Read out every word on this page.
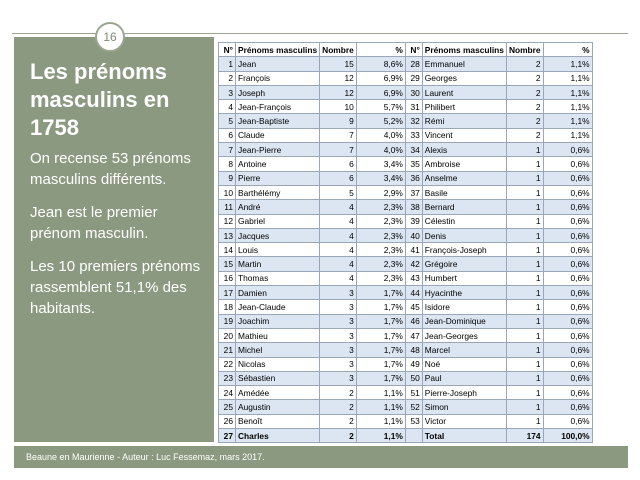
16
Les prénoms masculins en 1758

On recense 53 prénoms masculins différents.

Jean est le premier prénom masculin.

Les 10 premiers prénoms rassemblent 51,1% des habitants.

N°	Prénoms masculins	Nombre	%	N°	Prénoms masculins	Nombre	%
1	Jean	15	8,6%	28	Emmanuel	2	1,1%
2	François	12	6,9%	29	Georges	2	1,1%
3	Joseph	12	6,9%	30	Laurent	2	1,1%
4	Jean-François	10	5,7%	31	Philibert	2	1,1%
5	Jean-Baptiste	9	5,2%	32	Rémi	2	1,1%
6	Claude	7	4,0%	33	Vincent	2	1,1%
7	Jean-Pierre	7	4,0%	34	Alexis	1	0,6%
8	Antoine	6	3,4%	35	Ambroise	1	0,6%
9	Pierre	6	3,4%	36	Anselme	1	0,6%
10	Barthélémy	5	2,9%	37	Basile	1	0,6%
11	André	4	2,3%	38	Bernard	1	0,6%
12	Gabriel	4	2,3%	39	Célestin	1	0,6%
13	Jacques	4	2,3%	40	Denis	1	0,6%
14	Louis	4	2,3%	41	François-Joseph	1	0,6%
15	Martin	4	2,3%	42	Grégoire	1	0,6%
16	Thomas	4	2,3%	43	Humbert	1	0,6%
17	Damien	3	1,7%	44	Hyacinthe	1	0,6%
18	Jean-Claude	3	1,7%	45	Isidore	1	0,6%
19	Joachim	3	1,7%	46	Jean-Dominique	1	0,6%
20	Mathieu	3	1,7%	47	Jean-Georges	1	0,6%
21	Michel	3	1,7%	48	Marcel	1	0,6%
22	Nicolas	3	1,7%	49	Noé	1	0,6%
23	Sébastien	3	1,7%	50	Paul	1	0,6%
24	Amédée	2	1,1%	51	Pierre-Joseph	1	0,6%
25	Augustin	2	1,1%	52	Simon	1	0,6%
26	Benoît	2	1,1%	53	Victor	1	0,6%
27	Charles	2	1,1%		Total	174	100,0%
Beaune en Maurienne - Auteur : Luc Fessemaz, mars 2017.
